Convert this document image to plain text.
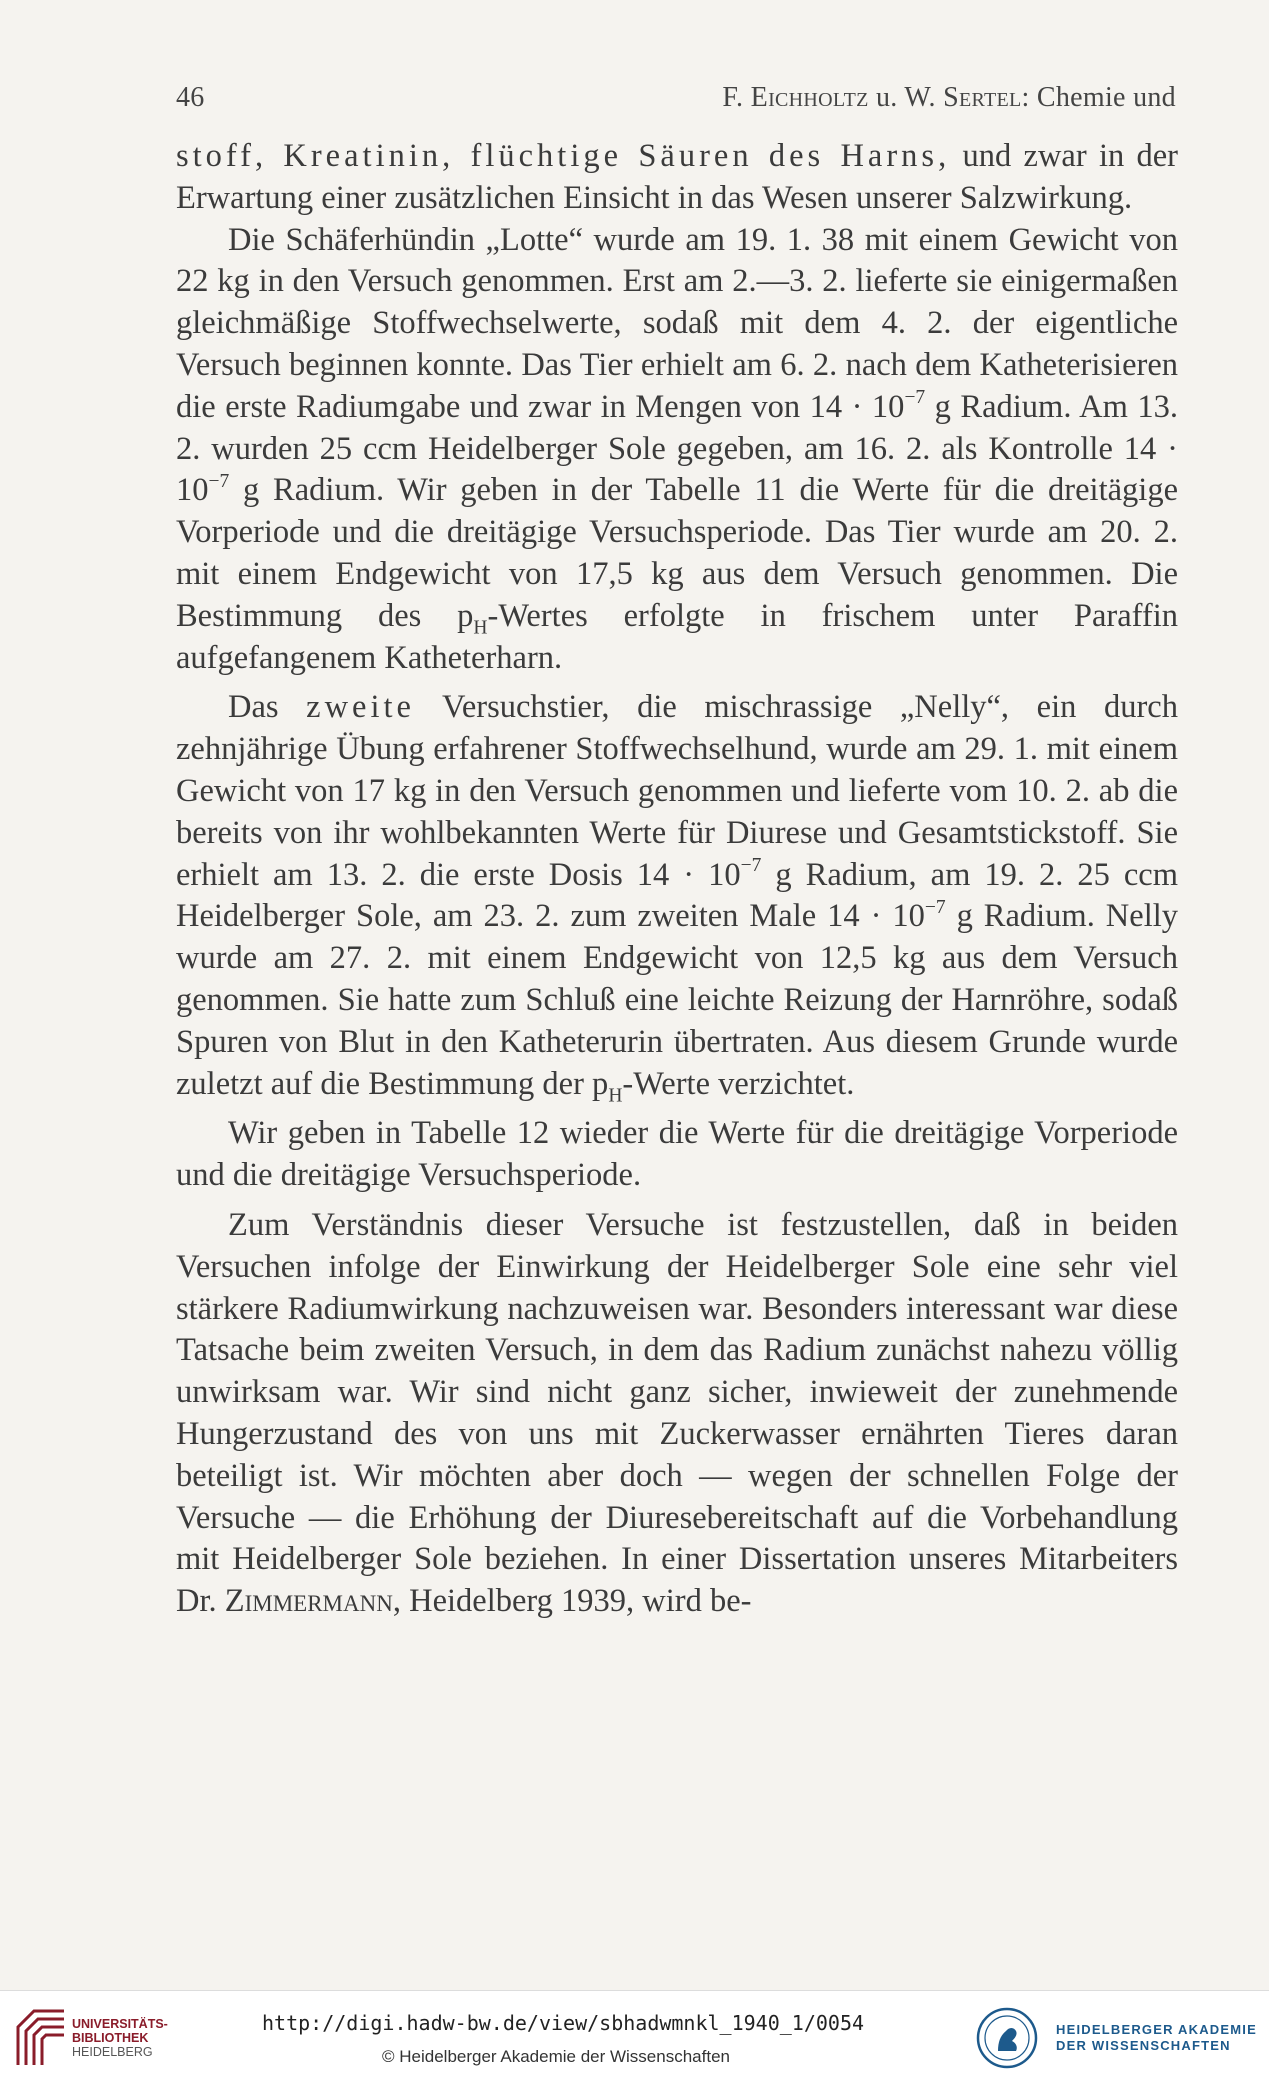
46	F. Eichholtz u. W. Sertel: Chemie und

stoff, Kreatinin, flüchtige Säuren des Harns, und zwar in der Erwartung einer zusätzlichen Einsicht in das Wesen unserer Salzwirkung.

Die Schäferhündin „Lotte“ wurde am 19. 1. 38 mit einem Gewicht von 22 kg in den Versuch genommen. Erst am 2.—3. 2. lieferte sie einigermaßen gleichmäßige Stoffwechselwerte, sodaß mit dem 4. 2. der eigentliche Versuch beginnen konnte. Das Tier erhielt am 6. 2. nach dem Katheterisieren die erste Radiumgabe und zwar in Mengen von $14 \cdot 10^{-7}$ g Radium. Am 13. 2. wurden 25 ccm Heidelberger Sole gegeben, am 16. 2. als Kontrolle $14 \cdot 10^{-7}$ g Radium. Wir geben in der Tabelle 11 die Werte für die dreitägige Vorperiode und die dreitägige Versuchsperiode. Das Tier wurde am 20. 2. mit einem Endgewicht von 17,5 kg aus dem Versuch genommen. Die Bestimmung des $p_H$-Wertes erfolgte in frischem unter Paraffin aufgefangenem Katheterharn.

Das zweite Versuchstier, die mischrassige „Nelly“, ein durch zehnjährige Übung erfahrener Stoffwechselhund, wurde am 29. 1. mit einem Gewicht von 17 kg in den Versuch genommen und lieferte vom 10. 2. ab die bereits von ihr wohlbekannten Werte für Diurese und Gesamtstickstoff. Sie erhielt am 13. 2. die erste Dosis $14 \cdot 10^{-7}$ g Radium, am 19. 2. 25 ccm Heidelberger Sole, am 23. 2. zum zweiten Male $14 \cdot 10^{-7}$ g Radium. Nelly wurde am 27. 2. mit einem Endgewicht von 12,5 kg aus dem Versuch genommen. Sie hatte zum Schluß eine leichte Reizung der Harnröhre, sodaß Spuren von Blut in den Katheterurin übertraten. Aus diesem Grunde wurde zuletzt auf die Bestimmung der $p_H$-Werte verzichtet.

Wir geben in Tabelle 12 wieder die Werte für die dreitägige Vorperiode und die dreitägige Versuchsperiode.

Zum Verständnis dieser Versuche ist festzustellen, daß in beiden Versuchen infolge der Einwirkung der Heidelberger Sole eine sehr viel stärkere Radiumwirkung nachzuweisen war. Besonders interessant war diese Tatsache beim zweiten Versuch, in dem das Radium zunächst nahezu völlig unwirksam war. Wir sind nicht ganz sicher, inwieweit der zunehmende Hungerzustand des von uns mit Zuckerwasser ernährten Tieres daran beteiligt ist. Wir möchten aber doch — wegen der schnellen Folge der Versuche — die Erhöhung der Diuresebereitschaft auf die Vorbehandlung mit Heidelberger Sole beziehen. In einer Dissertation unseres Mitarbeiters Dr. Zimmermann, Heidelberg 1939, wird be-

UNIVERSITÄTS-
BIBLIOTHEK
HEIDELBERG
http://digi.hadw-bw.de/view/sbhadwmnkl_1940_1/0054
© Heidelberger Akademie der Wissenschaften
HEIDELBERGER AKADEMIE
DER WISSENSCHAFTEN
